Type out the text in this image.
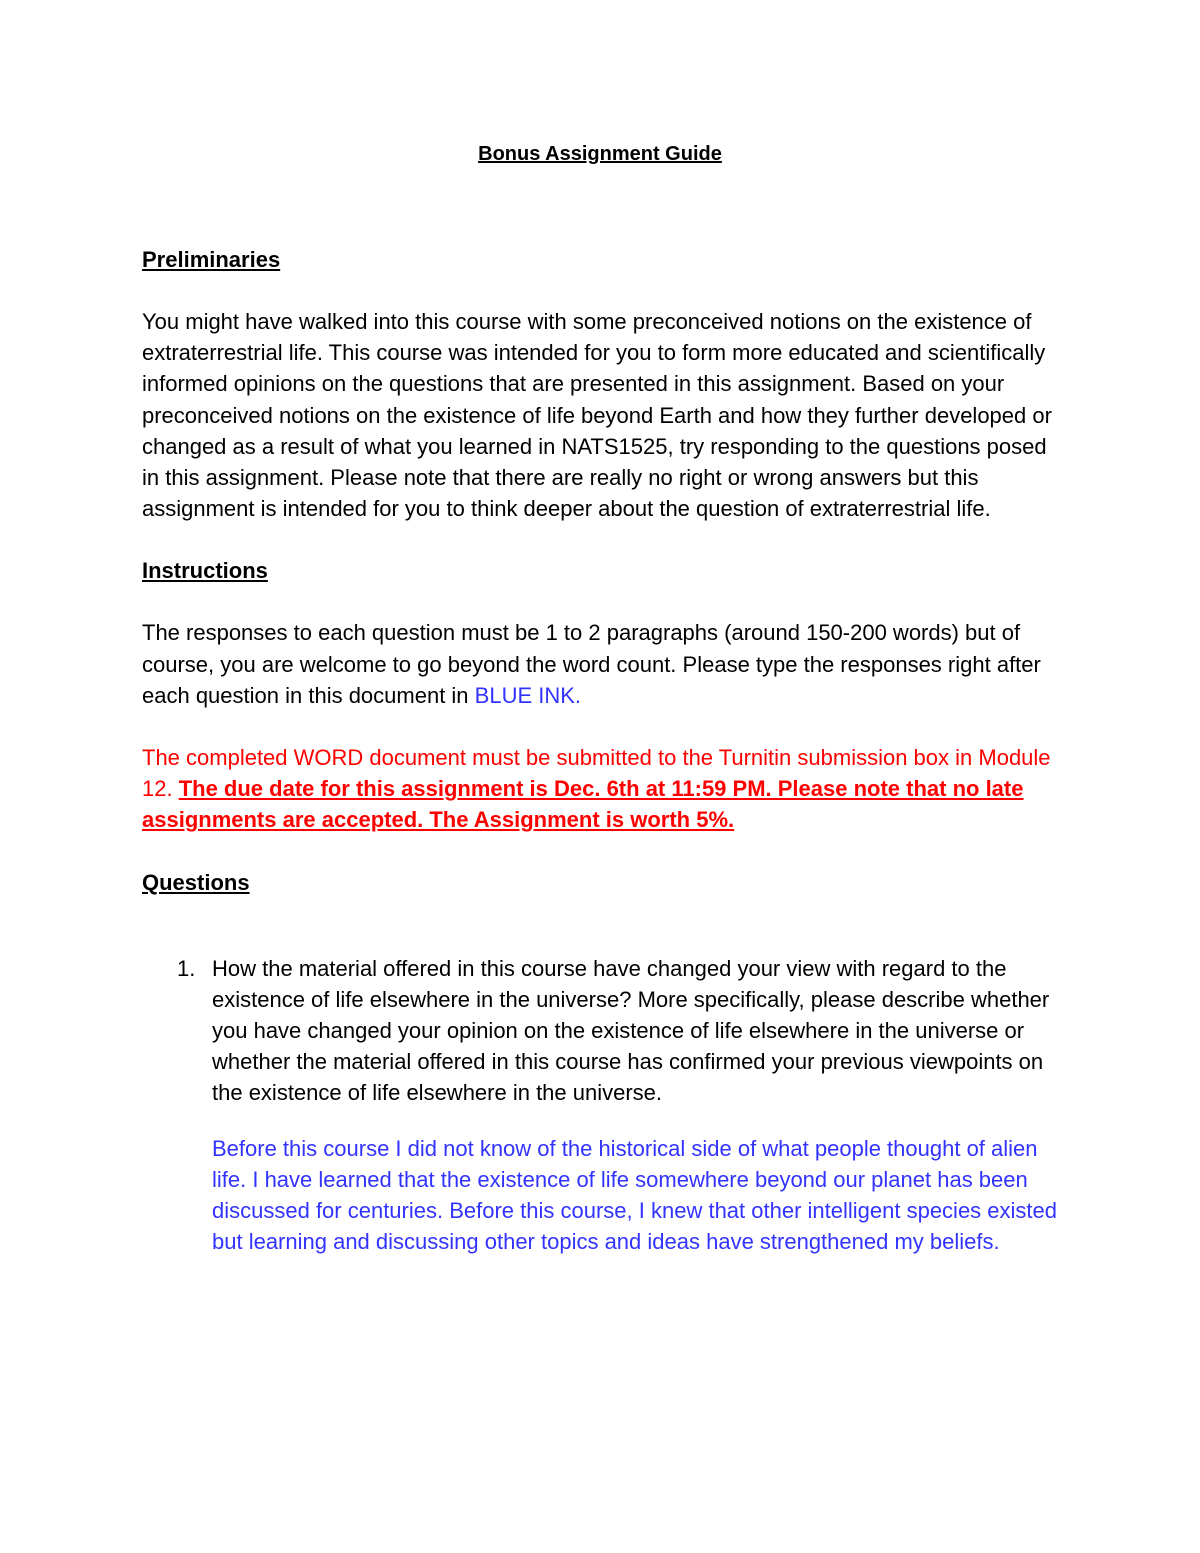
Bonus Assignment Guide
Preliminaries

You might have walked into this course with some preconceived notions on the existence of extraterrestrial life. This course was intended for you to form more educated and scientifically informed opinions on the questions that are presented in this assignment. Based on your preconceived notions on the existence of life beyond Earth and how they further developed or changed as a result of what you learned in NATS1525, try responding to the questions posed in this assignment. Please note that there are really no right or wrong answers but this assignment is intended for you to think deeper about the question of extraterrestrial life.

Instructions

The responses to each question must be 1 to 2 paragraphs (around 150-200 words) but of course, you are welcome to go beyond the word count. Please type the responses right after each question in this document in BLUE INK.

The completed WORD document must be submitted to the Turnitin submission box in Module 12. The due date for this assignment is Dec. 6th at 11:59 PM. Please note that no late assignments are accepted. The Assignment is worth 5%.

Questions
1. How the material offered in this course have changed your view with regard to the existence of life elsewhere in the universe? More specifically, please describe whether you have changed your opinion on the existence of life elsewhere in the universe or whether the material offered in this course has confirmed your previous viewpoints on the existence of life elsewhere in the universe.

Before this course I did not know of the historical side of what people thought of alien life. I have learned that the existence of life somewhere beyond our planet has been discussed for centuries. Before this course, I knew that other intelligent species existed but learning and discussing other topics and ideas have strengthened my beliefs.
